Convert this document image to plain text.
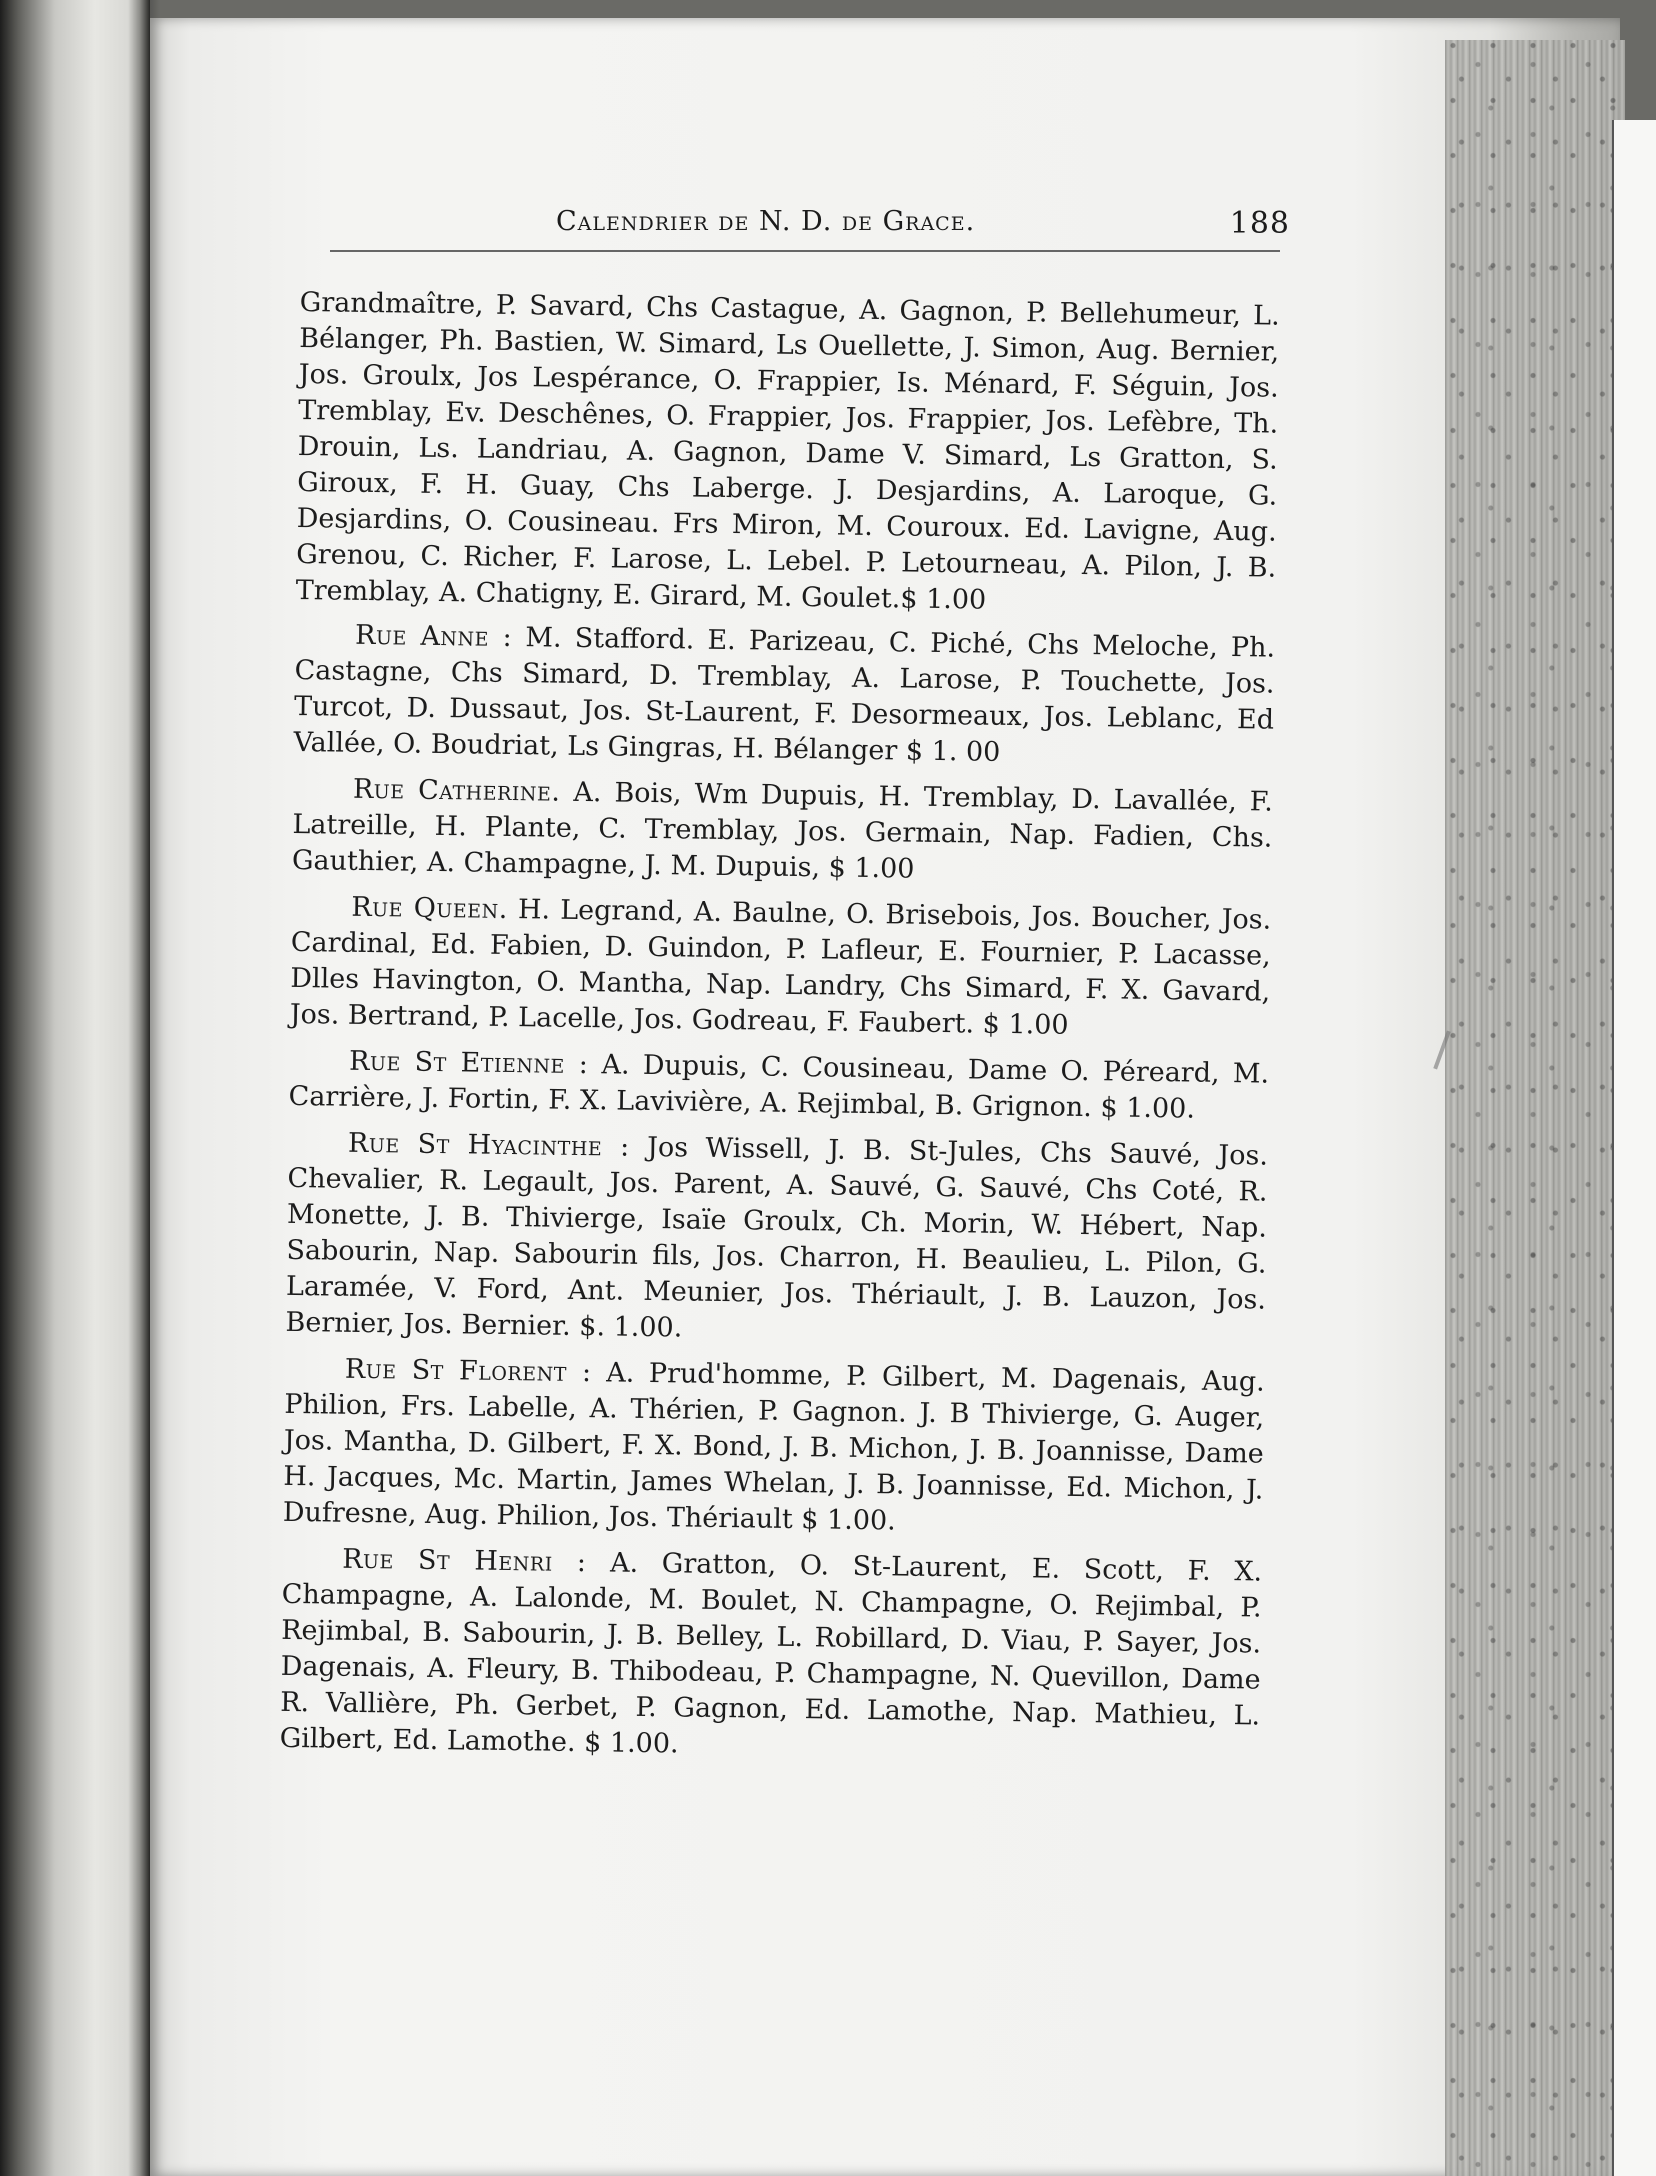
Calendrier de N. D. de Grace.	188

Grandmaître, P. Savard, Chs Castague, A. Gagnon, P. Bellehumeur, L. Bélanger, Ph. Bastien, W. Simard, Ls Ouellette, J. Simon, Aug. Bernier, Jos. Groulx, Jos Lespérance, O. Frappier, Is. Ménard, F. Séguin, Jos. Tremblay, Ev. Deschênes, O. Frappier, Jos. Frappier, Jos. Lefèbre, Th. Drouin, Ls. Landriau, A. Gagnon, Dame V. Simard, Ls Gratton, S. Giroux, F. H. Guay, Chs Laberge. J. Desjardins, A. Laroque, G. Desjardins, O. Cousineau. Frs Miron, M. Couroux. Ed. Lavigne, Aug. Grenou, C. Richer, F. Larose, L. Lebel. P. Letourneau, A. Pilon, J. B. Tremblay, A. Chatigny, E. Girard, M. Goulet.$ 1.00

Rue Anne : M. Stafford. E. Parizeau, C. Piché, Chs Meloche, Ph. Castagne, Chs Simard, D. Tremblay, A. Larose, P. Touchette, Jos. Turcot, D. Dussaut, Jos. St-Laurent, F. Desormeaux, Jos. Leblanc, Ed Vallée, O. Boudriat, Ls Gingras, H. Bélanger $ 1. 00

Rue Catherine. A. Bois, Wm Dupuis, H. Tremblay, D. Lavallée, F. Latreille, H. Plante, C. Tremblay, Jos. Germain, Nap. Fadien, Chs. Gauthier, A. Champagne, J. M. Dupuis, $ 1.00

Rue Queen. H. Legrand, A. Baulne, O. Brisebois, Jos. Boucher, Jos. Cardinal, Ed. Fabien, D. Guindon, P. Lafleur, E. Fournier, P. Lacasse, Dlles Havington, O. Mantha, Nap. Landry, Chs Simard, F. X. Gavard, Jos. Bertrand, P. Lacelle, Jos. Godreau, F. Faubert. $ 1.00

Rue St Etienne : A. Dupuis, C. Cousineau, Dame O. Péreard, M. Carrière, J. Fortin, F. X. Lavivière, A. Rejimbal, B. Grignon. $ 1.00.

Rue St Hyacinthe : Jos Wissell, J. B. St-Jules, Chs Sauvé, Jos. Chevalier, R. Legault, Jos. Parent, A. Sauvé, G. Sauvé, Chs Coté, R. Monette, J. B. Thivierge, Isaïe Groulx, Ch. Morin, W. Hébert, Nap. Sabourin, Nap. Sabourin fils, Jos. Charron, H. Beaulieu, L. Pilon, G. Laramée, V. Ford, Ant. Meunier, Jos. Thériault, J. B. Lauzon, Jos. Bernier, Jos. Bernier. $. 1.00.

Rue St Florent : A. Prud'homme, P. Gilbert, M. Dagenais, Aug. Philion, Frs. Labelle, A. Thérien, P. Gagnon. J. B Thivierge, G. Auger, Jos. Mantha, D. Gilbert, F. X. Bond, J. B. Michon, J. B. Joannisse, Dame H. Jacques, Mc. Martin, James Whelan, J. B. Joannisse, Ed. Michon, J. Dufresne, Aug. Philion, Jos. Thériault $ 1.00.

Rue St Henri : A. Gratton, O. St-Laurent, E. Scott, F. X. Champagne, A. Lalonde, M. Boulet, N. Champagne, O. Rejimbal, P. Rejimbal, B. Sabourin, J. B. Belley, L. Robillard, D. Viau, P. Sayer, Jos. Dagenais, A. Fleury, B. Thibodeau, P. Champagne, N. Quevillon, Dame R. Vallière, Ph. Gerbet, P. Gagnon, Ed. Lamothe, Nap. Mathieu, L. Gilbert, Ed. Lamothe. $ 1.00.
